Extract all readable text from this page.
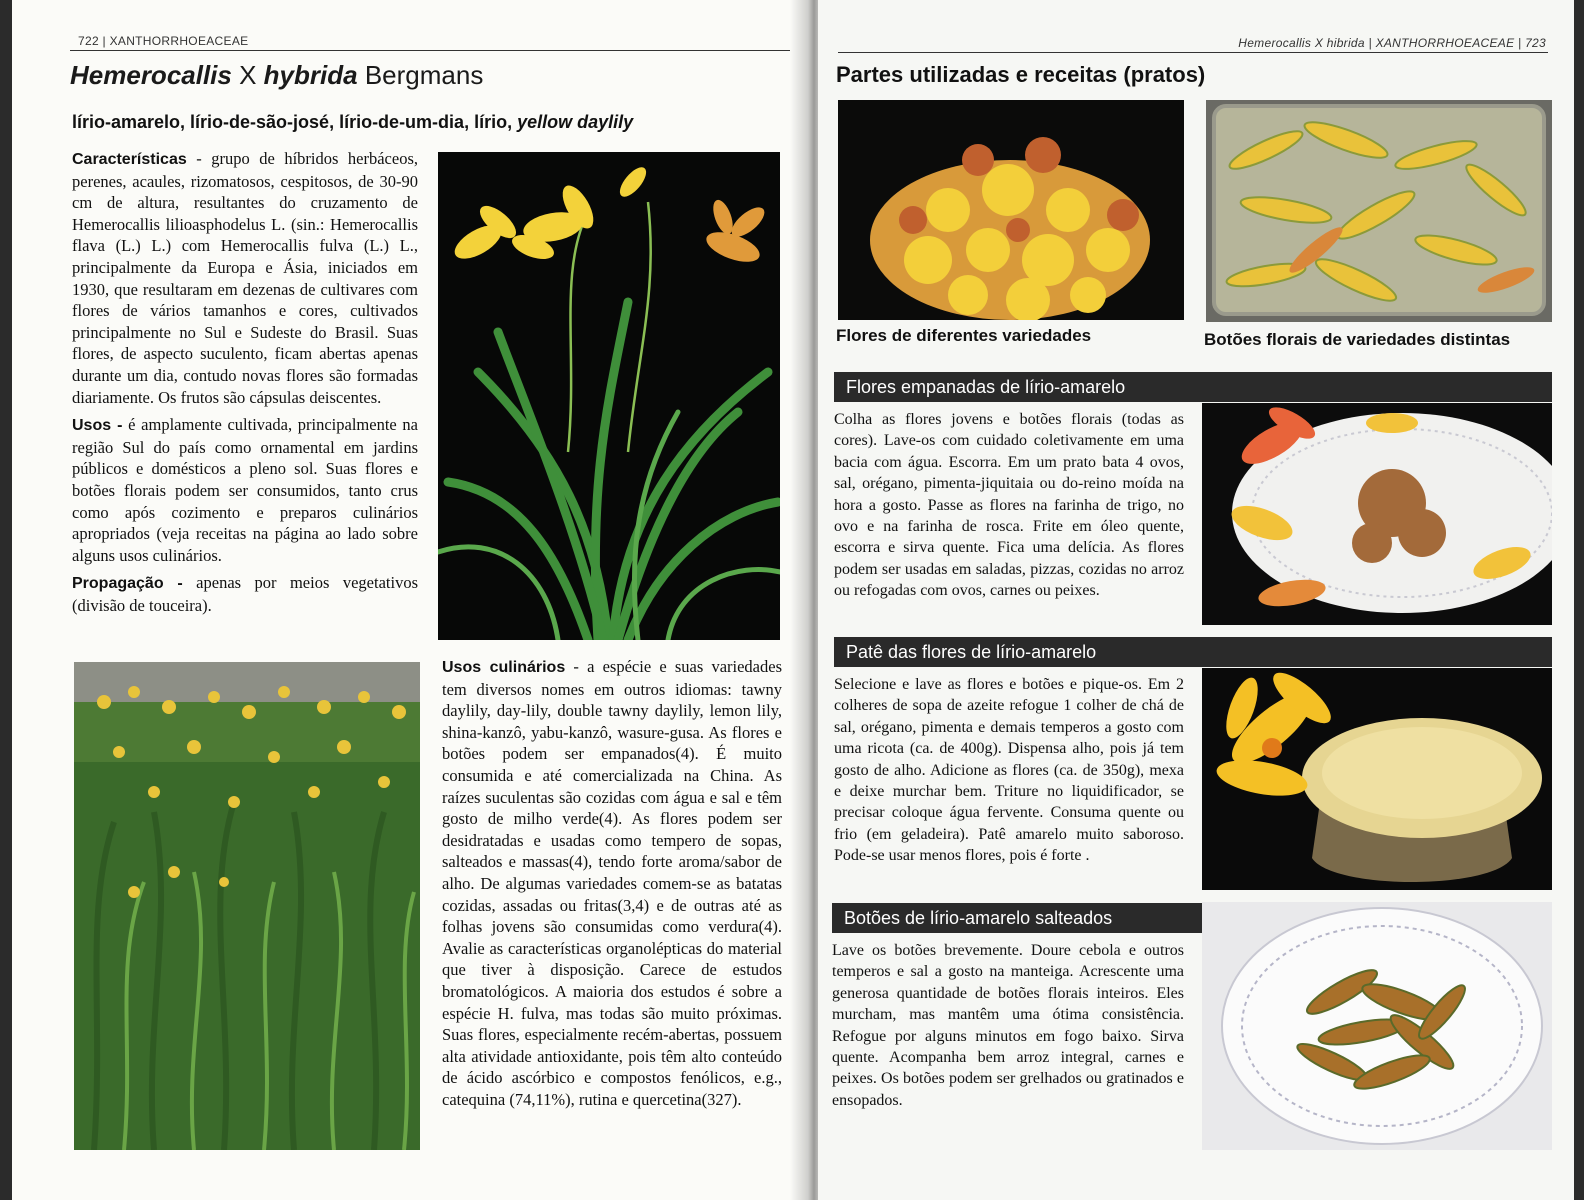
722 | XANTHORRHOEACEAE
Hemerocallis X hybrida Bergmans
lírio-amarelo, lírio-de-são-josé, lírio-de-um-dia, lírio, yellow daylily

Características - grupo de híbridos herbáceos, perenes, acaules, rizomatosos, cespitosos, de 30-90 cm de altura, resultantes do cruzamento de Hemerocallis lilioasphodelus L. (sin.: Hemerocallis flava (L.) L.) com Hemerocallis fulva (L.) L., principalmente da Europa e Ásia, iniciados em 1930, que resultaram em dezenas de cultivares com flores de vários tamanhos e cores, cultivados principalmente no Sul e Sudeste do Brasil. Suas flores, de aspecto suculento, ficam abertas apenas durante um dia, contudo novas flores são formadas diariamente. Os frutos são cápsulas deiscentes.

Usos - é amplamente cultivada, principalmente na região Sul do país como ornamental em jardins públicos e domésticos a pleno sol. Suas flores e botões florais podem ser consumidos, tanto crus como após cozimento e preparos culinários apropriados (veja receitas na página ao lado sobre alguns usos culinários.

Propagação - apenas por meios vegetativos (divisão de touceira).

Usos culinários - a espécie e suas variedades tem diversos nomes em outros idiomas: tawny daylily, day-lily, double tawny daylily, lemon lily, shina-kanzô, yabu-kanzô, wasure-gusa. As flores e botões podem ser empanados(4). É muito consumida e até comercializada na China. As raízes suculentas são cozidas com água e sal e têm gosto de milho verde(4). As flores podem ser desidratadas e usadas como tempero de sopas, salteados e massas(4), tendo forte aroma/sabor de alho. De algumas variedades comem-se as batatas cozidas, assadas ou fritas(3,4) e de outras até as folhas jovens são consumidas como verdura(4). Avalie as características organolépticas do material que tiver à disposição. Carece de estudos bromatológicos. A maioria dos estudos é sobre a espécie H. fulva, mas todas são muito próximas. Suas flores, especialmente recém-abertas, possuem alta atividade antioxidante, pois têm alto conteúdo de ácido ascórbico e compostos fenólicos, e.g., catequina (74,11%), rutina e quercetina(327).

Hemerocallis X hibrida | XANTHORRHOEACEAE | 723
Partes utilizadas e receitas (pratos)
Flores de diferentes variedades	Botões florais de variedades distintas
Flores empanadas de lírio-amarelo
Colha as flores jovens e botões florais (todas as cores). Lave-os com cuidado coletivamente em uma bacia com água. Escorra. Em um prato bata 4 ovos, sal, orégano, pimenta-jiquitaia ou do-reino moída na hora a gosto. Passe as flores na farinha de trigo, no ovo e na farinha de rosca. Frite em óleo quente, escorra e sirva quente. Fica uma delícia. As flores podem ser usadas em saladas, pizzas, cozidas no arroz ou refogadas com ovos, carnes ou peixes.
Patê das flores de lírio-amarelo
Selecione e lave as flores e botões e pique-os. Em 2 colheres de sopa de azeite refogue 1 colher de chá de sal, orégano, pimenta e demais temperos a gosto com uma ricota (ca. de 400g). Dispensa alho, pois já tem gosto de alho. Adicione as flores (ca. de 350g), mexa e deixe murchar bem. Triture no liquidificador, se precisar coloque água fervente. Consuma quente ou frio (em geladeira). Patê amarelo muito saboroso. Pode-se usar menos flores, pois é forte .
Botões de lírio-amarelo salteados
Lave os botões brevemente. Doure cebola e outros temperos e sal a gosto na manteiga. Acrescente uma generosa quantidade de botões florais inteiros. Eles murcham, mas mantêm uma ótima consistência. Refogue por alguns minutos em fogo baixo. Sirva quente. Acompanha bem arroz integral, carnes e peixes. Os botões podem ser grelhados ou gratinados e ensopados.
